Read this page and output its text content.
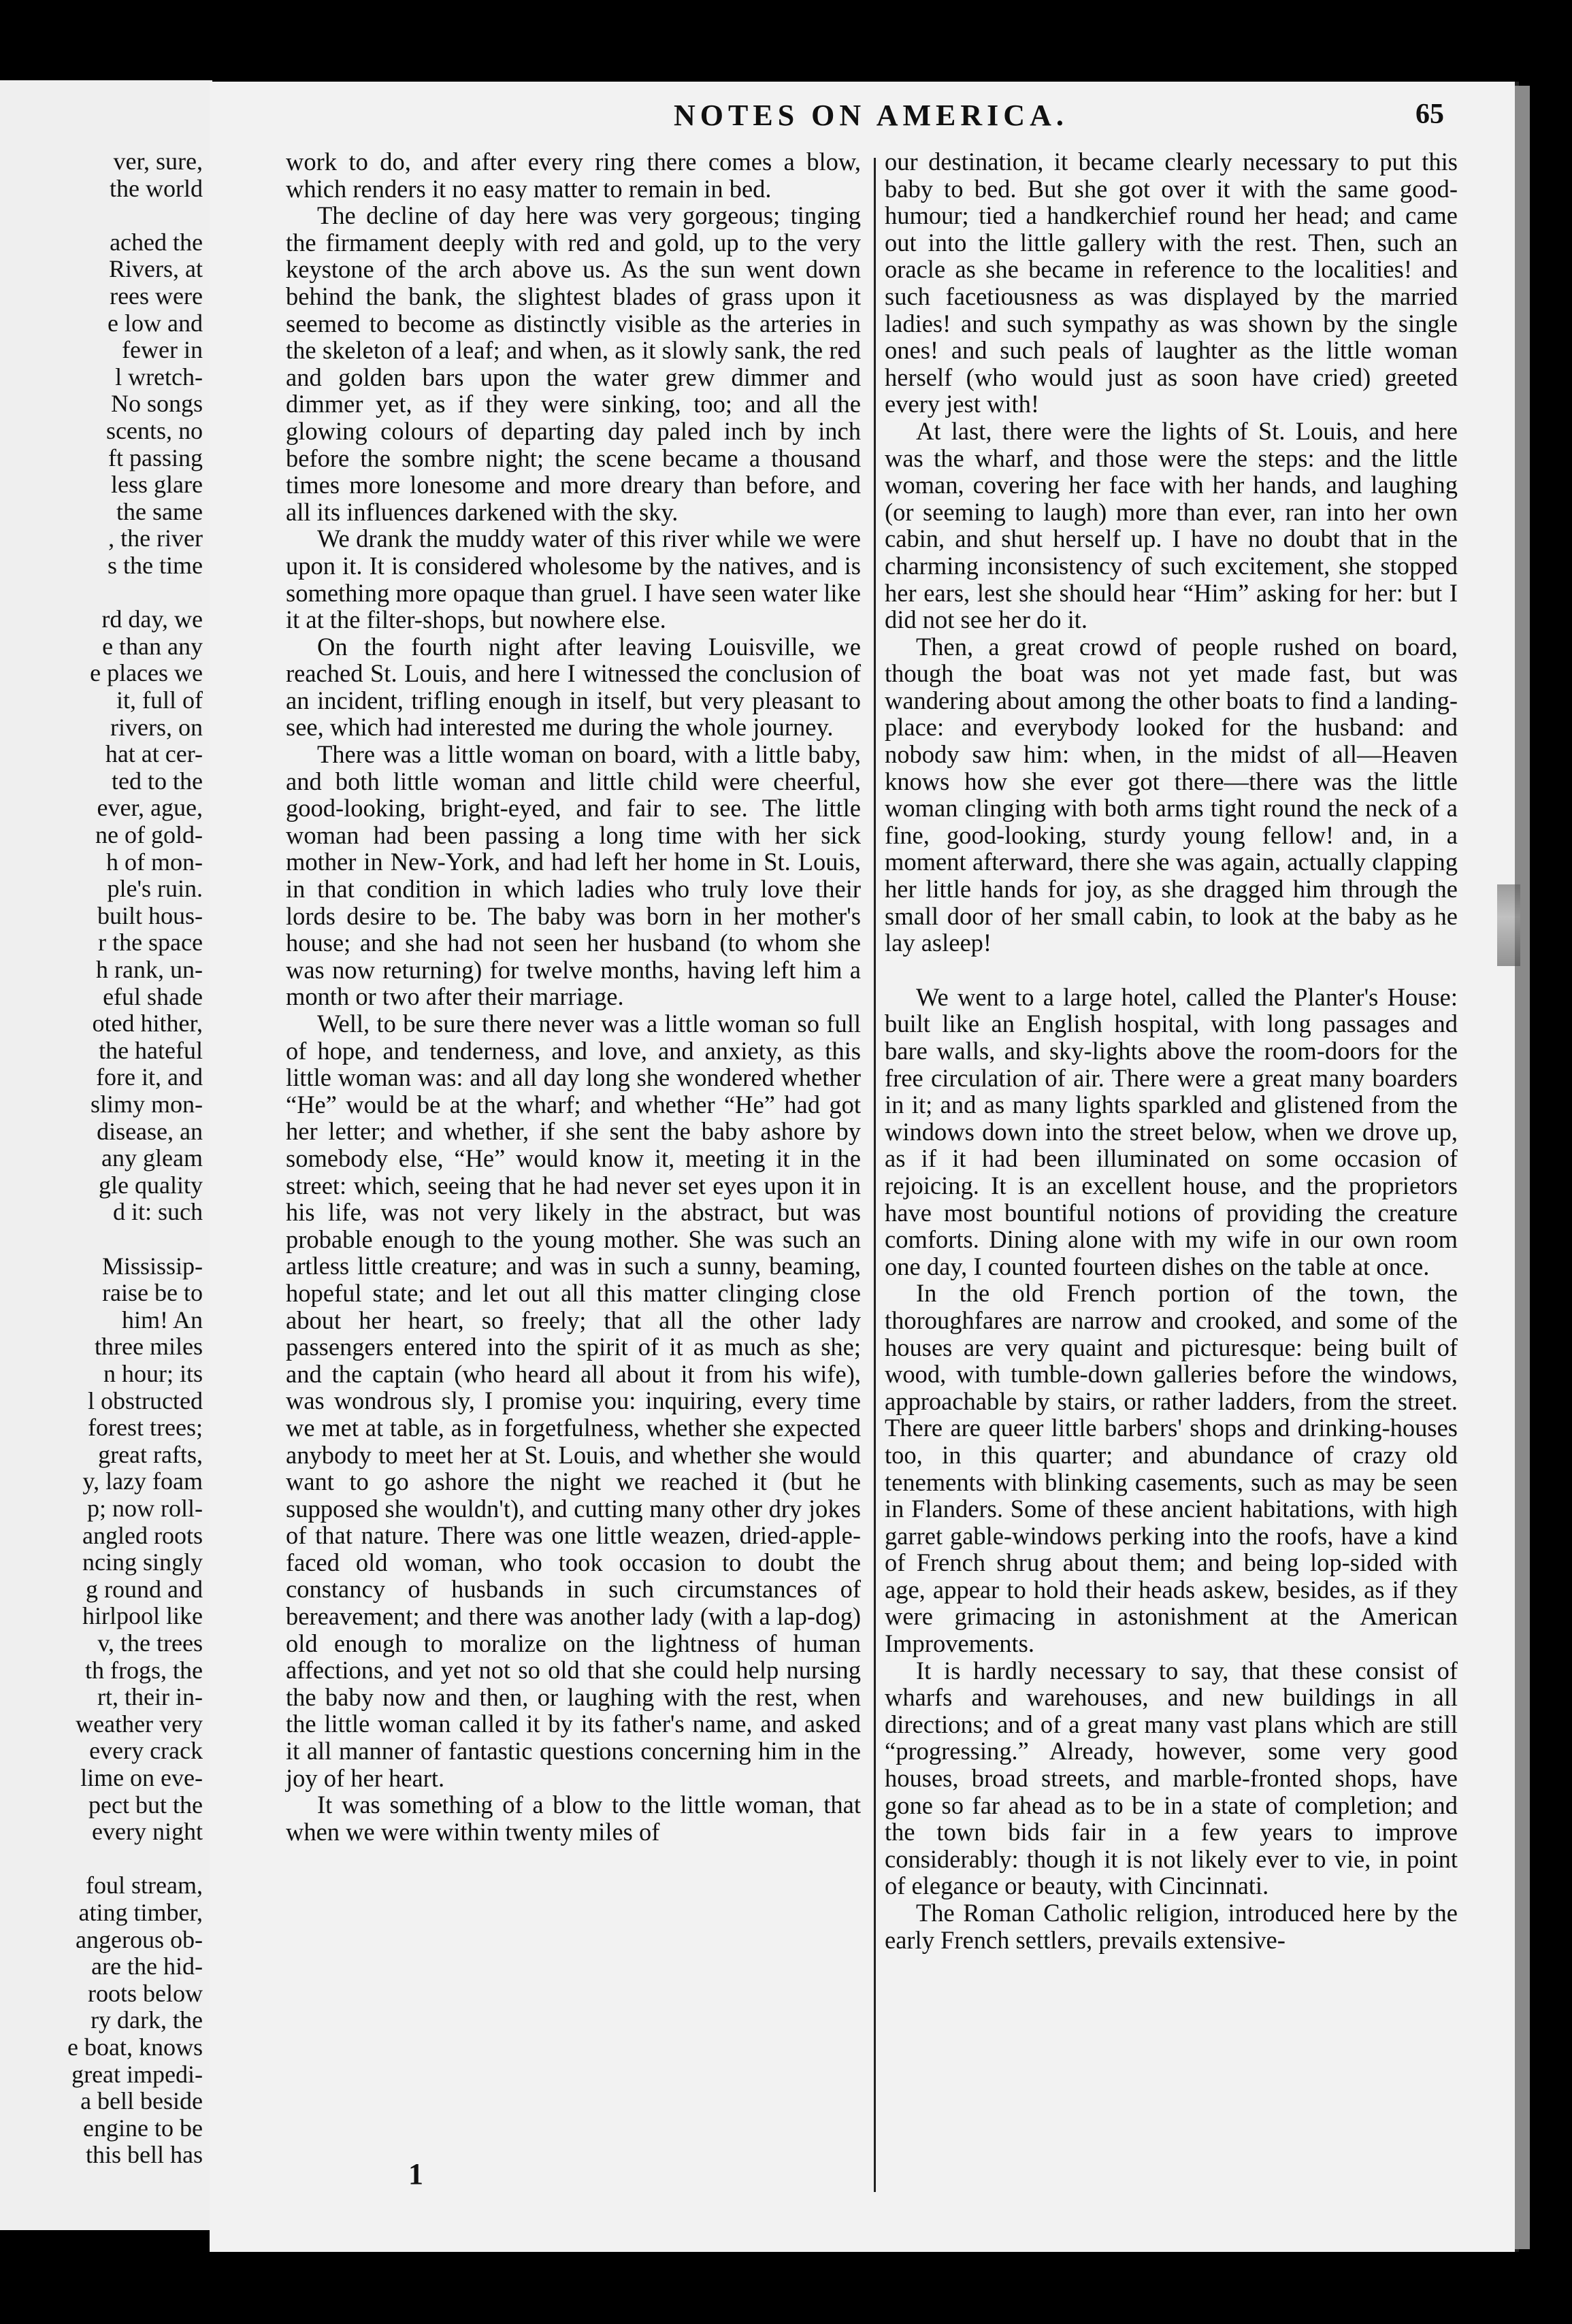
ver, sure,
the world
ached the
Rivers, at
rees were
e low and
fewer in
l wretch-
No songs
scents, no
ft passing
less glare
the same
, the river
s the time
rd day, we
e than any
e places we
it, full of
rivers, on
hat at cer-
ted to the
ever, ague,
ne of gold-
h of mon-
ple's ruin.
built hous-
r the space
h rank, un-
eful shade
oted hither,
the hateful
fore it, and
slimy mon-
disease, an
any gleam
gle quality
d it: such
Mississip-
raise be to
him! An
three miles
n hour; its
l obstructed
forest trees;
great rafts,
y, lazy foam
p; now roll-
angled roots
ncing singly
g round and
hirlpool like
v, the trees
th frogs, the
rt, their in-
weather very
every crack
lime on eve-
pect but the
every night
foul stream,
ating timber,
angerous ob-
are the hid-
roots below
ry dark, the
e boat, knows
great impedi-
a bell beside
engine to be
this bell has
NOTES ON AMERICA.	65

work to do, and after every ring there comes a blow, which renders it no easy matter to remain in bed.

The decline of day here was very gorgeous; tinging the firmament deeply with red and gold, up to the very keystone of the arch above us. As the sun went down behind the bank, the slightest blades of grass upon it seemed to become as distinctly visible as the arteries in the skeleton of a leaf; and when, as it slowly sank, the red and golden bars upon the water grew dimmer and dimmer yet, as if they were sinking, too; and all the glowing colours of departing day paled inch by inch before the sombre night; the scene became a thousand times more lonesome and more dreary than before, and all its influences darkened with the sky.

We drank the muddy water of this river while we were upon it. It is considered wholesome by the natives, and is something more opaque than gruel. I have seen water like it at the filter-shops, but nowhere else.

On the fourth night after leaving Louisville, we reached St. Louis, and here I witnessed the conclusion of an incident, trifling enough in itself, but very pleasant to see, which had interested me during the whole journey.

There was a little woman on board, with a little baby, and both little woman and little child were cheerful, good-looking, bright-eyed, and fair to see. The little woman had been passing a long time with her sick mother in New-York, and had left her home in St. Louis, in that condition in which ladies who truly love their lords desire to be. The baby was born in her mother's house; and she had not seen her husband (to whom she was now returning) for twelve months, having left him a month or two after their marriage.

Well, to be sure there never was a little woman so full of hope, and tenderness, and love, and anxiety, as this little woman was: and all day long she wondered whether “He” would be at the wharf; and whether “He” had got her letter; and whether, if she sent the baby ashore by somebody else, “He” would know it, meeting it in the street: which, seeing that he had never set eyes upon it in his life, was not very likely in the abstract, but was probable enough to the young mother. She was such an artless little creature; and was in such a sunny, beaming, hopeful state; and let out all this matter clinging close about her heart, so freely; that all the other lady passengers entered into the spirit of it as much as she; and the captain (who heard all about it from his wife), was wondrous sly, I promise you: inquiring, every time we met at table, as in forgetfulness, whether she expected anybody to meet her at St. Louis, and whether she would want to go ashore the night we reached it (but he supposed she wouldn't), and cutting many other dry jokes of that nature. There was one little weazen, dried-apple-faced old woman, who took occasion to doubt the constancy of husbands in such circumstances of bereavement; and there was another lady (with a lap-dog) old enough to moralize on the lightness of human affections, and yet not so old that she could help nursing the baby now and then, or laughing with the rest, when the little woman called it by its father's name, and asked it all manner of fantastic questions concerning him in the joy of her heart.

It was something of a blow to the little woman, that when we were within twenty miles of

our destination, it became clearly necessary to put this baby to bed. But she got over it with the same good-humour; tied a handkerchief round her head; and came out into the little gallery with the rest. Then, such an oracle as she became in reference to the localities! and such facetiousness as was displayed by the married ladies! and such sympathy as was shown by the single ones! and such peals of laughter as the little woman herself (who would just as soon have cried) greeted every jest with!

At last, there were the lights of St. Louis, and here was the wharf, and those were the steps: and the little woman, covering her face with her hands, and laughing (or seeming to laugh) more than ever, ran into her own cabin, and shut herself up. I have no doubt that in the charming inconsistency of such excitement, she stopped her ears, lest she should hear “Him” asking for her: but I did not see her do it.

Then, a great crowd of people rushed on board, though the boat was not yet made fast, but was wandering about among the other boats to find a landing-place: and everybody looked for the husband: and nobody saw him: when, in the midst of all—Heaven knows how she ever got there—there was the little woman clinging with both arms tight round the neck of a fine, good-looking, sturdy young fellow! and, in a moment afterward, there she was again, actually clapping her little hands for joy, as she dragged him through the small door of her small cabin, to look at the baby as he lay asleep!

We went to a large hotel, called the Planter's House: built like an English hospital, with long passages and bare walls, and sky-lights above the room-doors for the free circulation of air. There were a great many boarders in it; and as many lights sparkled and glistened from the windows down into the street below, when we drove up, as if it had been illuminated on some occasion of rejoicing. It is an excellent house, and the proprietors have most bountiful notions of providing the creature comforts. Dining alone with my wife in our own room one day, I counted fourteen dishes on the table at once.

In the old French portion of the town, the thoroughfares are narrow and crooked, and some of the houses are very quaint and picturesque: being built of wood, with tumble-down galleries before the windows, approachable by stairs, or rather ladders, from the street. There are queer little barbers' shops and drinking-houses too, in this quarter; and abundance of crazy old tenements with blinking casements, such as may be seen in Flanders. Some of these ancient habitations, with high garret gable-windows perking into the roofs, have a kind of French shrug about them; and being lop-sided with age, appear to hold their heads askew, besides, as if they were grimacing in astonishment at the American Improvements.

It is hardly necessary to say, that these consist of wharfs and warehouses, and new buildings in all directions; and of a great many vast plans which are still “progressing.” Already, however, some very good houses, broad streets, and marble-fronted shops, have gone so far ahead as to be in a state of completion; and the town bids fair in a few years to improve considerably: though it is not likely ever to vie, in point of elegance or beauty, with Cincinnati.

The Roman Catholic religion, introduced here by the early French settlers, prevails extensive-

1
